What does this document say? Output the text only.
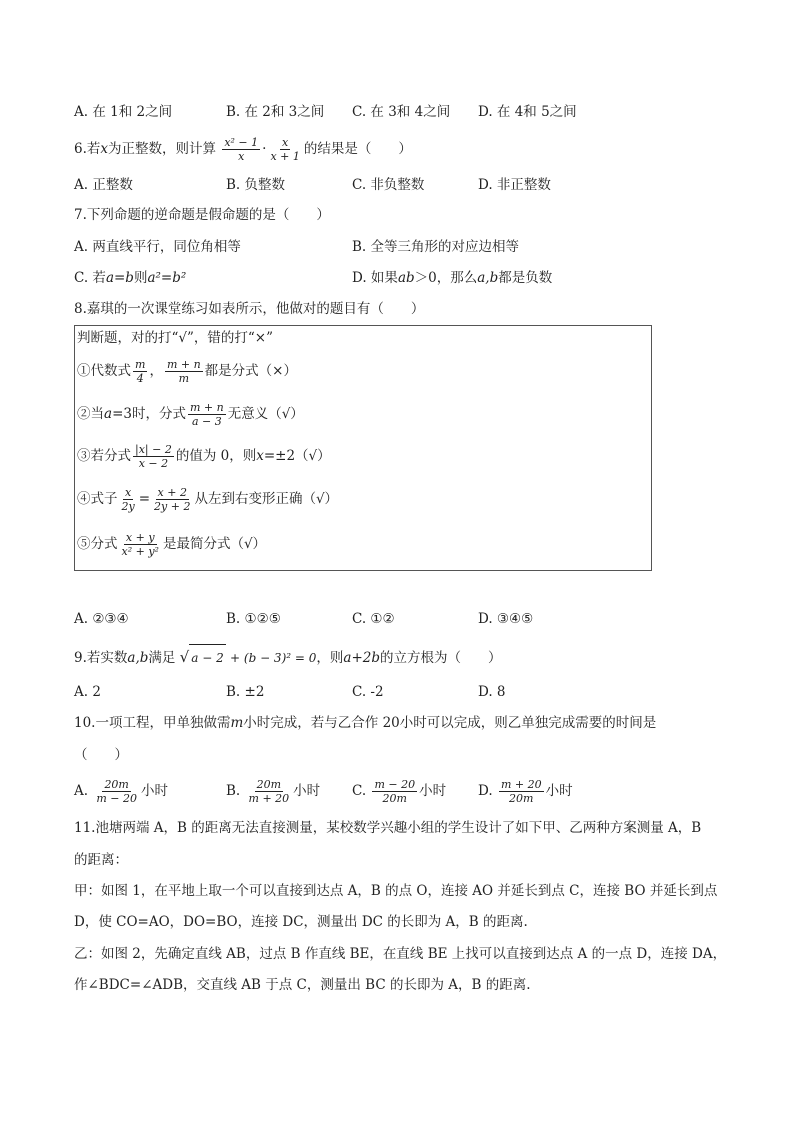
A. 在 1和 2之间	B. 在 2和 3之间 C. 在 3和 4之间 D. 在 4和 5之间
6.若x为正整数，则计算 $\frac{\text{x² − 1}}{x} \cdot \frac{x}{x + 1}$ 的结果是（　　）
A. 正整数	B. 负整数	C. 非负整数	D. 非正整数
7.下列命题的逆命题是假命题的是（　　）
A. 两直线平行，同位角相等	B. 全等三角形的对应边相等
C. 若a=b则a²=b²	D. 如果ab＞0，那么a,b都是负数
8.嘉琪的一次课堂练习如表所示，他做对的题目有（　　）
判断题，对的打“√”，错的打“×”
①代数式 $\frac{m}{4}$ ， $\frac{m + n}{m}$ 都是分式（×）
②当a=3时，分式 $\frac{m + n}{a - 3}$ 无意义（√）
③若分式 $\frac{|x| - 2}{x - 2}$ 的值为 0，则x=±2（√）
④式子 $\frac{x}{2y} = \frac{x + 2}{2y + 2}$ 从左到右变形正确（√）
⑤分式 $\frac{x + y}{\text{x² + y²}}$ 是最简分式（√）
A. ②③④	B. ①②⑤	C. ①②	D. ③④⑤
9.若实数a,b满足 √ a − 2 + (b − 3)² = 0，则a+2b的立方根为（　　）
A. 2	B. ±2	C. -2	D. 8
10.一项工程，甲单独做需m小时完成，若与乙合作 20小时可以完成，则乙单独完成需要的时间是
（　　）
A. $\frac{20m}{m - 20}$ 小时	B. $\frac{20m}{m + 20}$ 小时 C. $\frac{m - 20}{20m}$ 小时 D. $\frac{m + 20}{20m}$ 小时
11.池塘两端 A，B 的距离无法直接测量，某校数学兴趣小组的学生设计了如下甲、乙两种方案测量 A，B
的距离：
甲：如图 1，在平地上取一个可以直接到达点 A，B 的点 O，连接 AO 并延长到点 C，连接 BO 并延长到点
D，使 CO=AO，DO=BO，连接 DC，测量出 DC 的长即为 A，B 的距离.
乙：如图 2，先确定直线 AB，过点 B 作直线 BE，在直线 BE 上找可以直接到达点 A 的一点 D，连接 DA，
作∠BDC=∠ADB，交直线 AB 于点 C，测量出 BC 的长即为 A，B 的距离.
